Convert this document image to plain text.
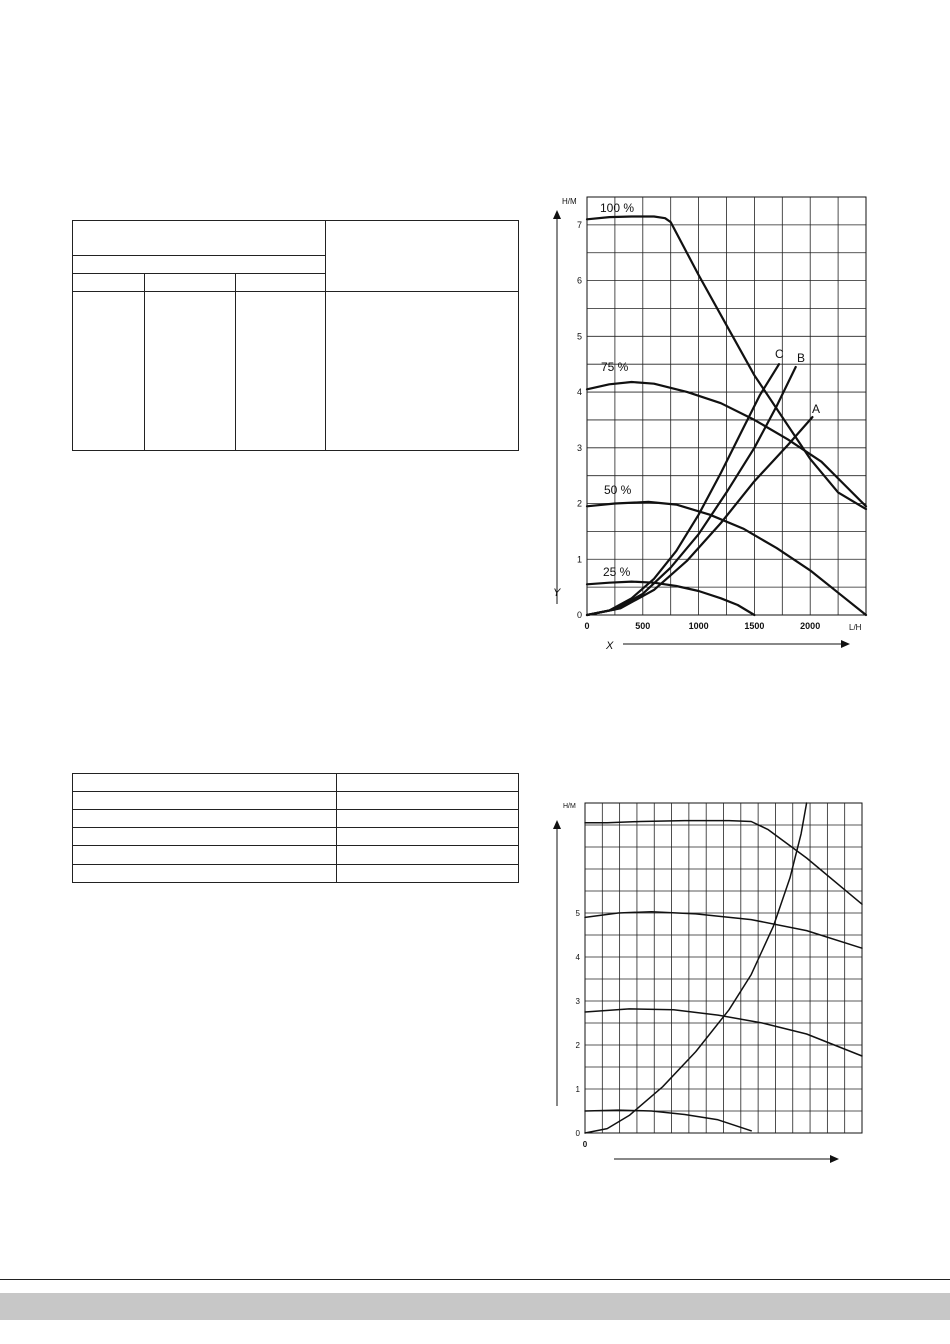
0
1
2
3
4
5
6
7
0	500	1000	1500	2000
100 %
75 %
50 %
25 %
C B
A
Y
X
H/M
L/H
0
1
2
3
4
5
0
H/M
